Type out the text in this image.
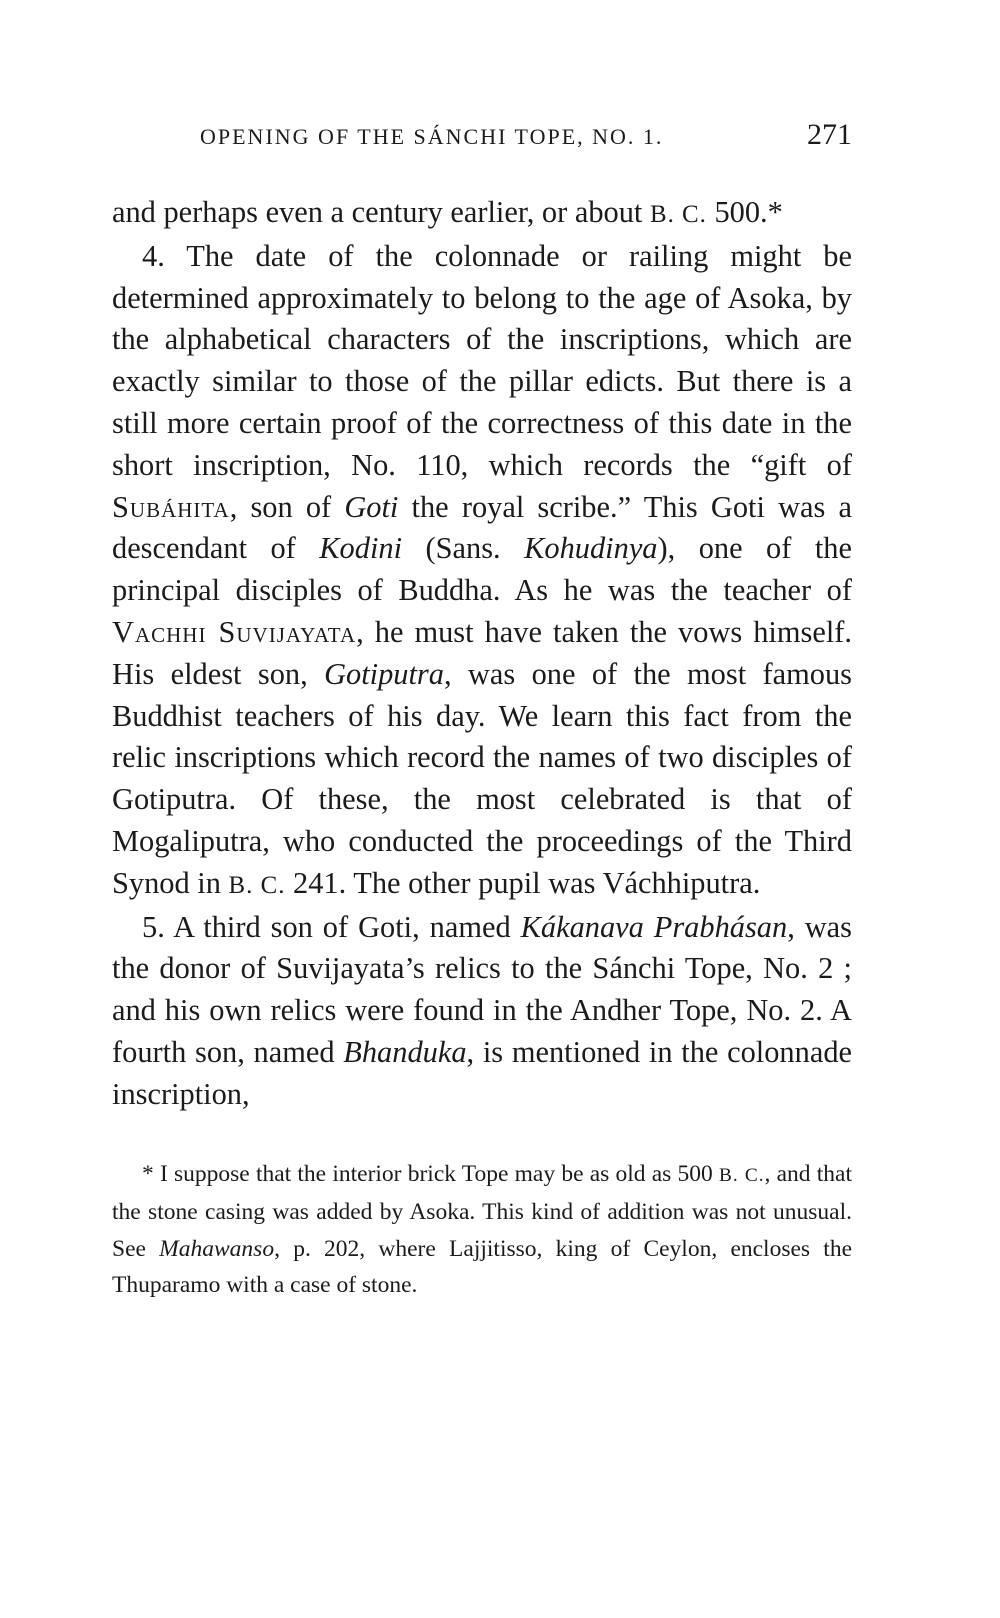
OPENING OF THE SÁNCHI TOPE, NO. 1.	271

and perhaps even a century earlier, or about B. C. 500.*

4. The date of the colonnade or railing might be determined approximately to belong to the age of Asoka, by the alphabetical characters of the inscriptions, which are exactly similar to those of the pillar edicts. But there is a still more certain proof of the correctness of this date in the short inscription, No. 110, which records the “gift of Subáhita, son of Goti the royal scribe.” This Goti was a descendant of Kodini (Sans. Kohudinya), one of the principal disciples of Buddha. As he was the teacher of Vachhi Suvijayata, he must have taken the vows himself. His eldest son, Gotiputra, was one of the most famous Buddhist teachers of his day. We learn this fact from the relic inscriptions which record the names of two disciples of Gotiputra. Of these, the most celebrated is that of Mogaliputra, who conducted the proceedings of the Third Synod in B. C. 241. The other pupil was Váchhiputra.

5. A third son of Goti, named Kákanava Prabhásan, was the donor of Suvijayata’s relics to the Sánchi Tope, No. 2 ; and his own relics were found in the Andher Tope, No. 2. A fourth son, named Bhanduka, is mentioned in the colonnade inscription,

* I suppose that the interior brick Tope may be as old as 500 B. C., and that the stone casing was added by Asoka. This kind of addition was not unusual. See Mahawanso, p. 202, where Lajjitisso, king of Ceylon, encloses the Thuparamo with a case of stone.
